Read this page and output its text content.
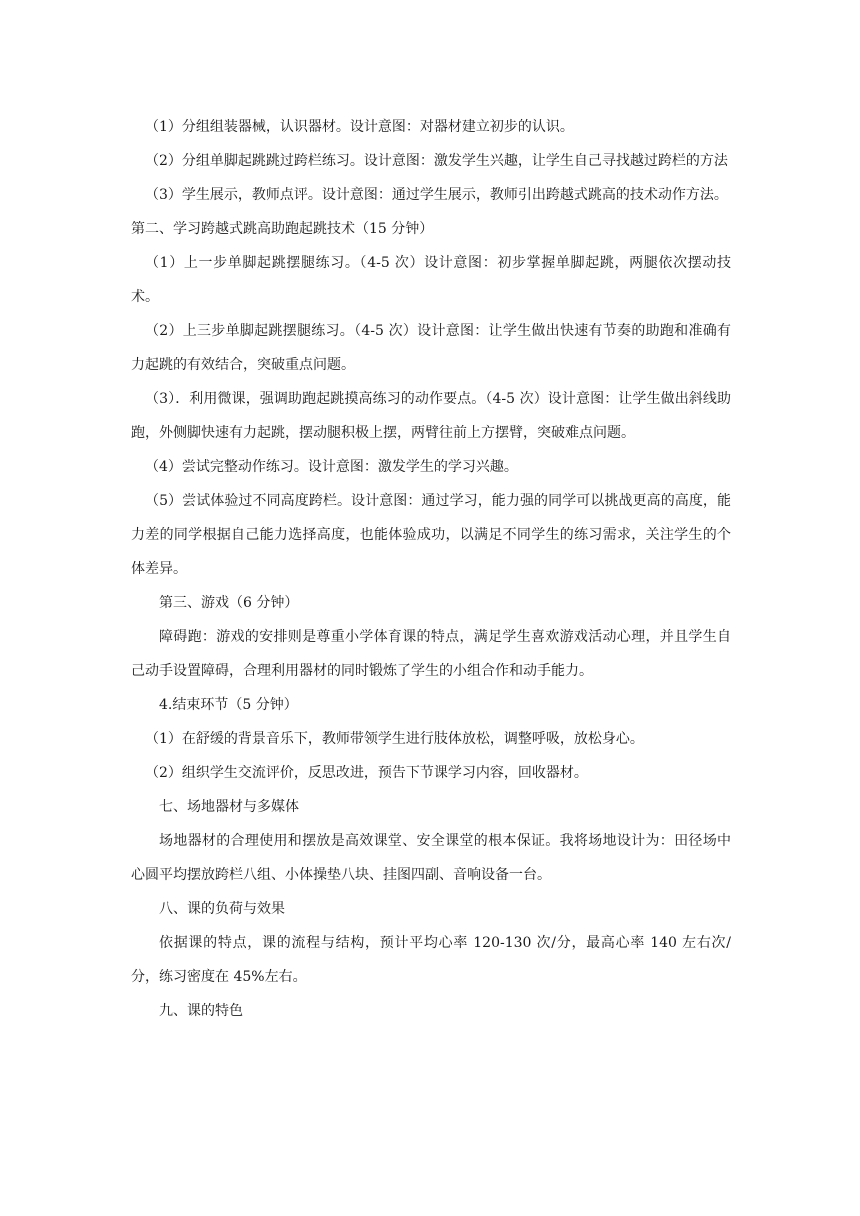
（1）分组组装器械，认识器材。设计意图：对器材建立初步的认识。

（2）分组单脚起跳跳过跨栏练习。设计意图：激发学生兴趣，让学生自己寻找越过跨栏的方法

（3）学生展示，教师点评。设计意图：通过学生展示，教师引出跨越式跳高的技术动作方法。

第二、学习跨越式跳高助跑起跳技术（15 分钟）

（1）上一步单脚起跳摆腿练习。（4-5 次）设计意图：初步掌握单脚起跳，两腿依次摆动技术。

（2）上三步单脚起跳摆腿练习。（4-5 次）设计意图：让学生做出快速有节奏的助跑和准确有力起跳的有效结合，突破重点问题。

（3）．利用微课，强调助跑起跳摸高练习的动作要点。（4-5 次）设计意图：让学生做出斜线助跑，外侧脚快速有力起跳，摆动腿积极上摆，两臂往前上方摆臂，突破难点问题。

（4）尝试完整动作练习。设计意图：激发学生的学习兴趣。

（5）尝试体验过不同高度跨栏。设计意图：通过学习，能力强的同学可以挑战更高的高度，能力差的同学根据自己能力选择高度，也能体验成功，以满足不同学生的练习需求，关注学生的个体差异。

第三、游戏（6 分钟）

障碍跑：游戏的安排则是尊重小学体育课的特点，满足学生喜欢游戏活动心理，并且学生自己动手设置障碍，合理利用器材的同时锻炼了学生的小组合作和动手能力。

4.结束环节（5 分钟）

（1）在舒缓的背景音乐下，教师带领学生进行肢体放松，调整呼吸，放松身心。

（2）组织学生交流评价，反思改进，预告下节课学习内容，回收器材。

七、场地器材与多媒体

场地器材的合理使用和摆放是高效课堂、安全课堂的根本保证。我将场地设计为：田径场中心圆平均摆放跨栏八组、小体操垫八块、挂图四副、音响设备一台。

八、课的负荷与效果

依据课的特点，课的流程与结构，预计平均心率 120-130 次/分，最高心率 140 左右次/分，练习密度在 45%左右。

九、课的特色
